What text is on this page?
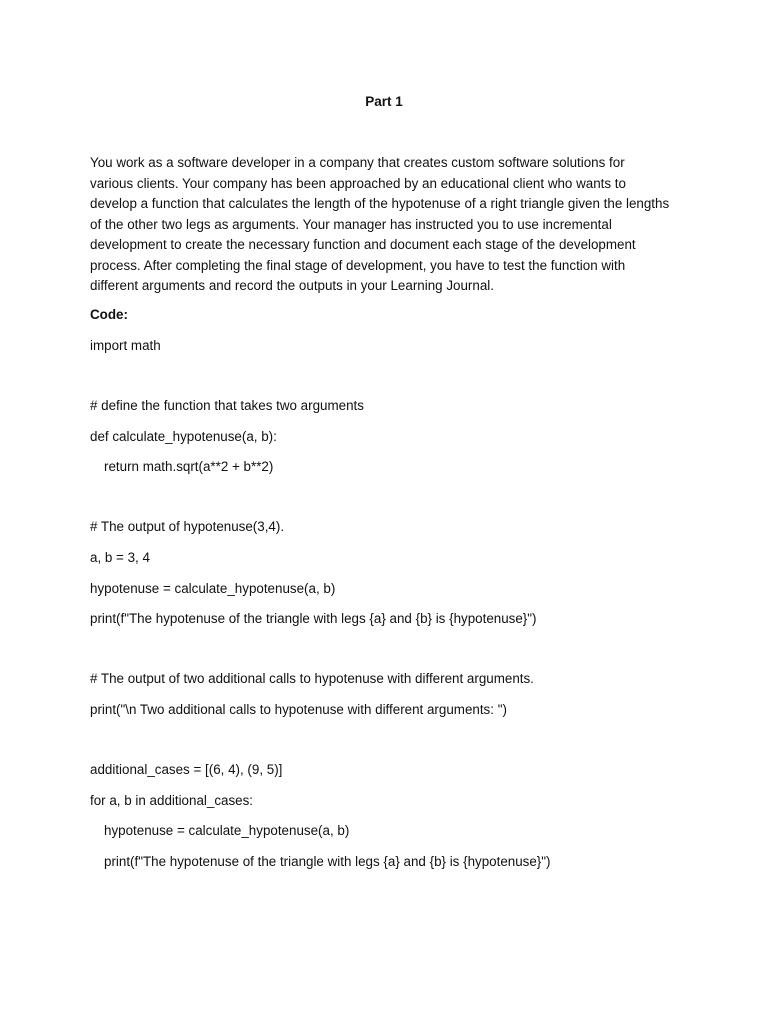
Part 1

You work as a software developer in a company that creates custom software solutions for various clients. Your company has been approached by an educational client who wants to develop a function that calculates the length of the hypotenuse of a right triangle given the lengths of the other two legs as arguments. Your manager has instructed you to use incremental development to create the necessary function and document each stage of the development process. After completing the final stage of development, you have to test the function with different arguments and record the outputs in your Learning Journal.

Code:
import math
# define the function that takes two arguments
def calculate_hypotenuse(a, b):
return math.sqrt(a**2 + b**2)
# The output of hypotenuse(3,4).
a, b = 3, 4
hypotenuse = calculate_hypotenuse(a, b)
print(f"The hypotenuse of the triangle with legs {a} and {b} is {hypotenuse}")
# The output of two additional calls to hypotenuse with different arguments.
print("\n Two additional calls to hypotenuse with different arguments: ")
additional_cases = [(6, 4), (9, 5)]
for a, b in additional_cases:
hypotenuse = calculate_hypotenuse(a, b)
print(f"The hypotenuse of the triangle with legs {a} and {b} is {hypotenuse}")
